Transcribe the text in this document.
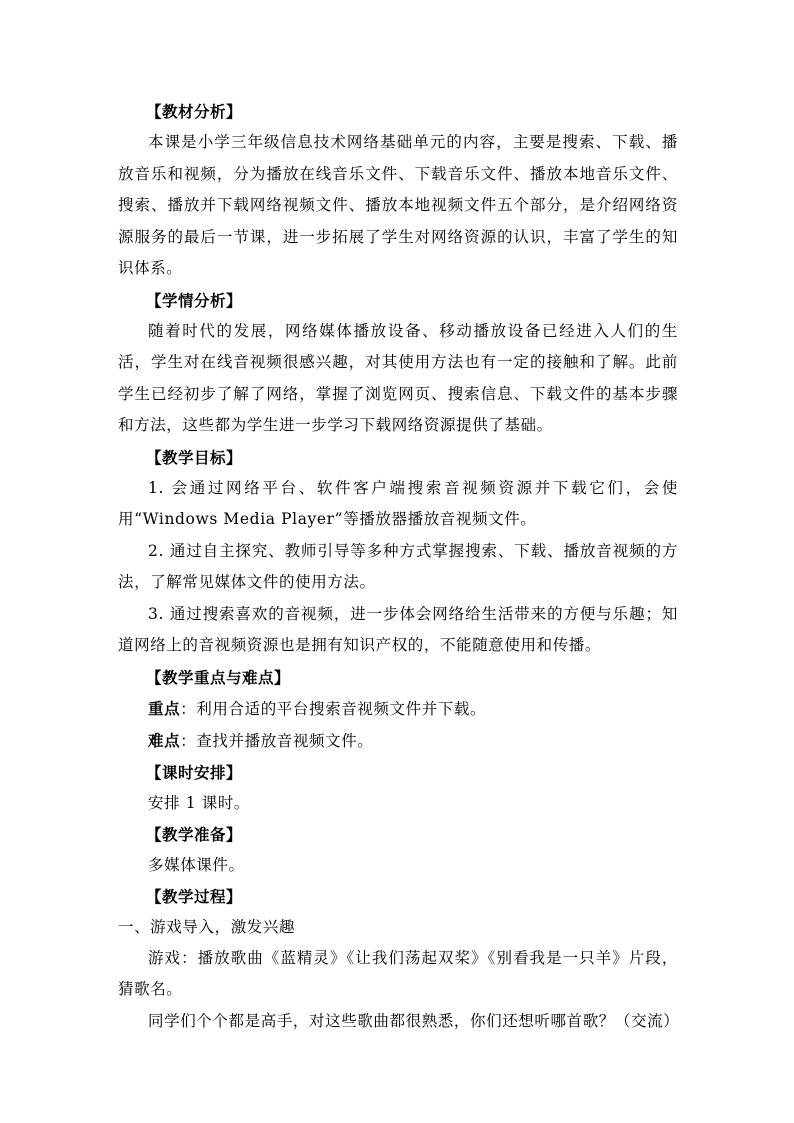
【教材分析】
本课是小学三年级信息技术网络基础单元的内容，主要是搜索、下载、播放音乐和视频，分为播放在线音乐文件、下载音乐文件、播放本地音乐文件、搜索、播放并下载网络视频文件、播放本地视频文件五个部分，是介绍网络资源服务的最后一节课，进一步拓展了学生对网络资源的认识，丰富了学生的知识体系。
【学情分析】
随着时代的发展，网络媒体播放设备、移动播放设备已经进入人们的生活，学生对在线音视频很感兴趣，对其使用方法也有一定的接触和了解。此前学生已经初步了解了网络，掌握了浏览网页、搜索信息、下载文件的基本步骤和方法，这些都为学生进一步学习下载网络资源提供了基础。
【教学目标】
1. 会通过网络平台、软件客户端搜索音视频资源并下载它们，会使用“Windows Media Player”等播放器播放音视频文件。
2. 通过自主探究、教师引导等多种方式掌握搜索、下载、播放音视频的方法，了解常见媒体文件的使用方法。
3. 通过搜索喜欢的音视频，进一步体会网络给生活带来的方便与乐趣；知道网络上的音视频资源也是拥有知识产权的，不能随意使用和传播。
【教学重点与难点】
重点：利用合适的平台搜索音视频文件并下载。
难点：查找并播放音视频文件。
【课时安排】
安排 1 课时。
【教学准备】
多媒体课件。
【教学过程】
一、游戏导入，激发兴趣
游戏：播放歌曲《蓝精灵》《让我们荡起双桨》《别看我是一只羊》片段，猜歌名。
同学们个个都是高手，对这些歌曲都很熟悉，你们还想听哪首歌？（交流）
